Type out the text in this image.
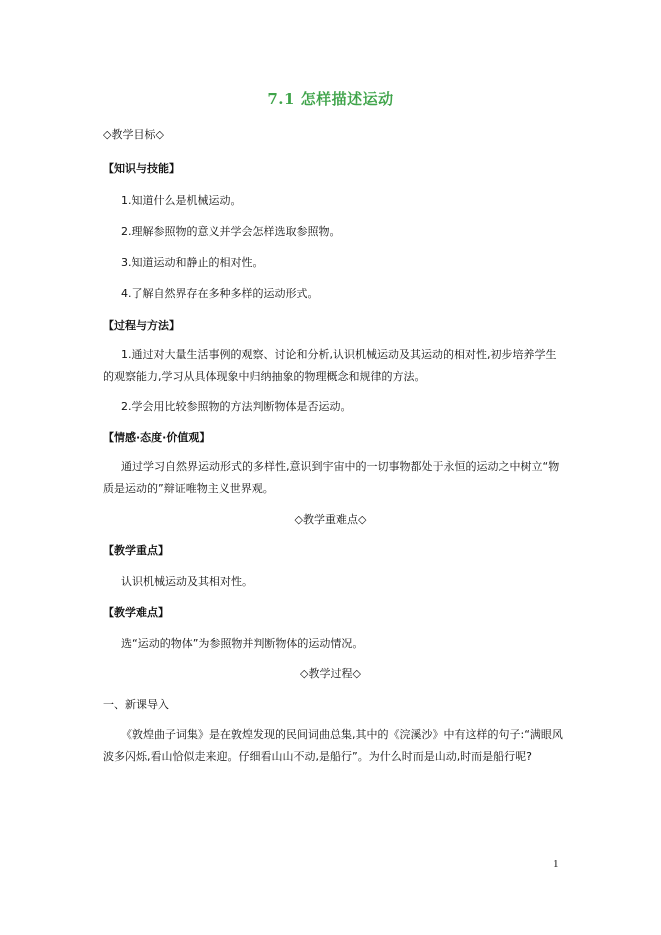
7.1 怎样描述运动
◇教学目标◇
【知识与技能】
1.知道什么是机械运动。
2.理解参照物的意义并学会怎样选取参照物。
3.知道运动和静止的相对性。
4.了解自然界存在多种多样的运动形式。
【过程与方法】
1.通过对大量生活事例的观察、讨论和分析,认识机械运动及其运动的相对性,初步培养学生的观察能力,学习从具体现象中归纳抽象的物理概念和规律的方法。
2.学会用比较参照物的方法判断物体是否运动。
【情感·态度·价值观】
通过学习自然界运动形式的多样性,意识到宇宙中的一切事物都处于永恒的运动之中树立“物质是运动的”辩证唯物主义世界观。
◇教学重难点◇
【教学重点】
认识机械运动及其相对性。
【教学难点】
选“运动的物体”为参照物并判断物体的运动情况。
◇教学过程◇
一、新课导入
《敦煌曲子词集》是在敦煌发现的民间词曲总集,其中的《浣溪沙》中有这样的句子:“满眼风波多闪烁,看山恰似走来迎。仔细看山山不动,是船行”。为什么时而是山动,时而是船行呢?
1
